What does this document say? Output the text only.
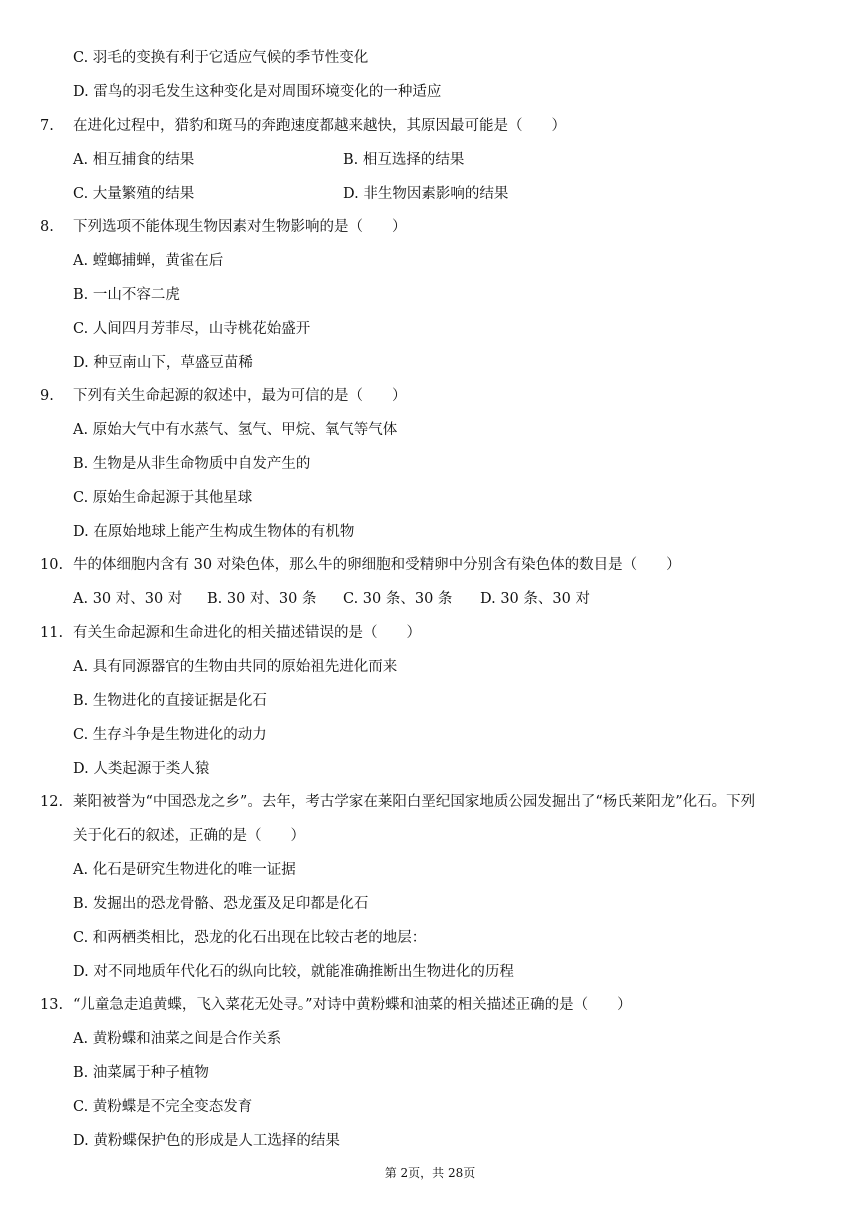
C. 羽毛的变换有利于它适应气候的季节性变化
D. 雷鸟的羽毛发生这种变化是对周围环境变化的一种适应
7.	在进化过程中，猎豹和斑马的奔跑速度都越来越快，其原因最可能是（　　）
A. 相互捕食的结果	B. 相互选择的结果
C. 大量繁殖的结果	D. 非生物因素影响的结果
8.	下列选项不能体现生物因素对生物影响的是（　　）
A. 螳螂捕蝉，黄雀在后
B. 一山不容二虎
C. 人间四月芳菲尽，山寺桃花始盛开
D. 种豆南山下，草盛豆苗稀
9.	下列有关生命起源的叙述中，最为可信的是（　　）
A. 原始大气中有水蒸气、氢气、甲烷、氧气等气体
B. 生物是从非生命物质中自发产生的
C. 原始生命起源于其他星球
D. 在原始地球上能产生构成生物体的有机物
10. 牛的体细胞内含有 30 对染色体，那么牛的卵细胞和受精卵中分别含有染色体的数目是（　　）
A. 30 对、30 对 B. 30 对、30 条 C. 30 条、30 条 D. 30 条、30 对
11. 有关生命起源和生命进化的相关描述错误的是（　　）
A. 具有同源器官的生物由共同的原始祖先进化而来
B. 生物进化的直接证据是化石
C. 生存斗争是生物进化的动力
D. 人类起源于类人猿
12. 莱阳被誉为“中国恐龙之乡”。去年，考古学家在莱阳白垩纪国家地质公园发掘出了“杨氏莱阳龙”化石。下列
关于化石的叙述，正确的是（　　）
A. 化石是研究生物进化的唯一证据
B. 发掘出的恐龙骨骼、恐龙蛋及足印都是化石
C. 和两栖类相比，恐龙的化石出现在比较古老的地层：
D. 对不同地质年代化石的纵向比较，就能准确推断出生物进化的历程
13. “儿童急走追黄蝶，飞入菜花无处寻。”对诗中黄粉蝶和油菜的相关描述正确的是（　　）
A. 黄粉蝶和油菜之间是合作关系
B. 油菜属于种子植物
C. 黄粉蝶是不完全变态发育
D. 黄粉蝶保护色的形成是人工选择的结果
第 2页，共 28页
